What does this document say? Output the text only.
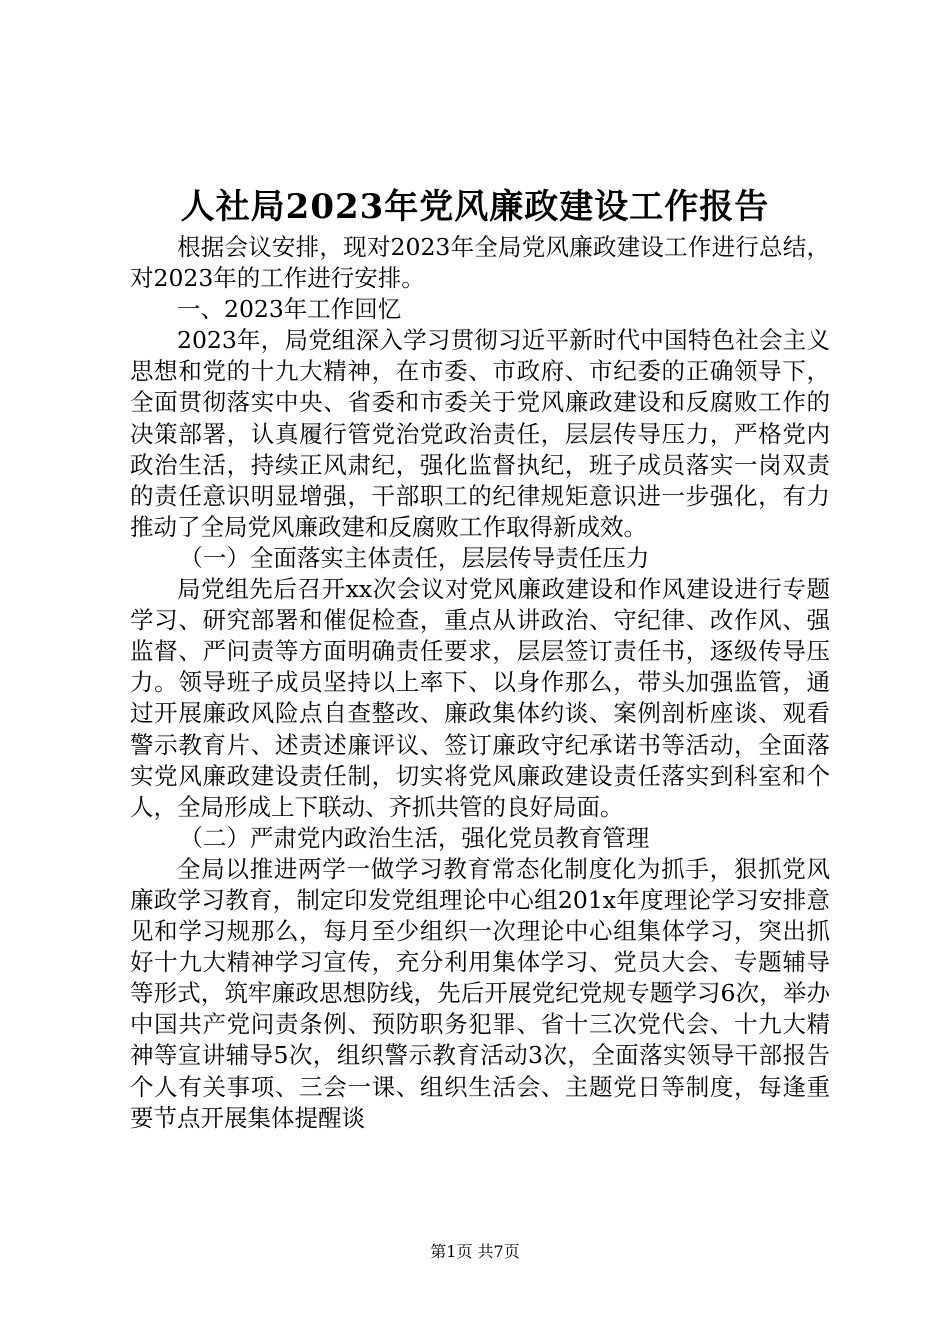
人社局2023年党风廉政建设工作报告

根据会议安排，现对2023年全局党风廉政建设工作进行总结，对2023年的工作进行安排。

一、2023年工作回忆

2023年，局党组深入学习贯彻习近平新时代中国特色社会主义思想和党的十九大精神，在市委、市政府、市纪委的正确领导下，全面贯彻落实中央、省委和市委关于党风廉政建设和反腐败工作的决策部署，认真履行管党治党政治责任，层层传导压力，严格党内政治生活，持续正风肃纪，强化监督执纪，班子成员落实一岗双责的责任意识明显增强，干部职工的纪律规矩意识进一步强化，有力推动了全局党风廉政建和反腐败工作取得新成效。

（一）全面落实主体责任，层层传导责任压力

局党组先后召开xx次会议对党风廉政建设和作风建设进行专题学习、研究部署和催促检查，重点从讲政治、守纪律、改作风、强监督、严问责等方面明确责任要求，层层签订责任书，逐级传导压力。领导班子成员坚持以上率下、以身作那么，带头加强监管，通过开展廉政风险点自查整改、廉政集体约谈、案例剖析座谈、观看警示教育片、述责述廉评议、签订廉政守纪承诺书等活动，全面落实党风廉政建设责任制，切实将党风廉政建设责任落实到科室和个人，全局形成上下联动、齐抓共管的良好局面。

（二）严肃党内政治生活，强化党员教育管理

全局以推进两学一做学习教育常态化制度化为抓手，狠抓党风廉政学习教育，制定印发党组理论中心组201x年度理论学习安排意见和学习规那么，每月至少组织一次理论中心组集体学习，突出抓好十九大精神学习宣传，充分利用集体学习、党员大会、专题辅导等形式，筑牢廉政思想防线，先后开展党纪党规专题学习6次，举办中国共产党问责条例、预防职务犯罪、省十三次党代会、十九大精神等宣讲辅导5次，组织警示教育活动3次，全面落实领导干部报告个人有关事项、三会一课、组织生活会、主题党日等制度，每逢重要节点开展集体提醒谈

第1页 共7页
